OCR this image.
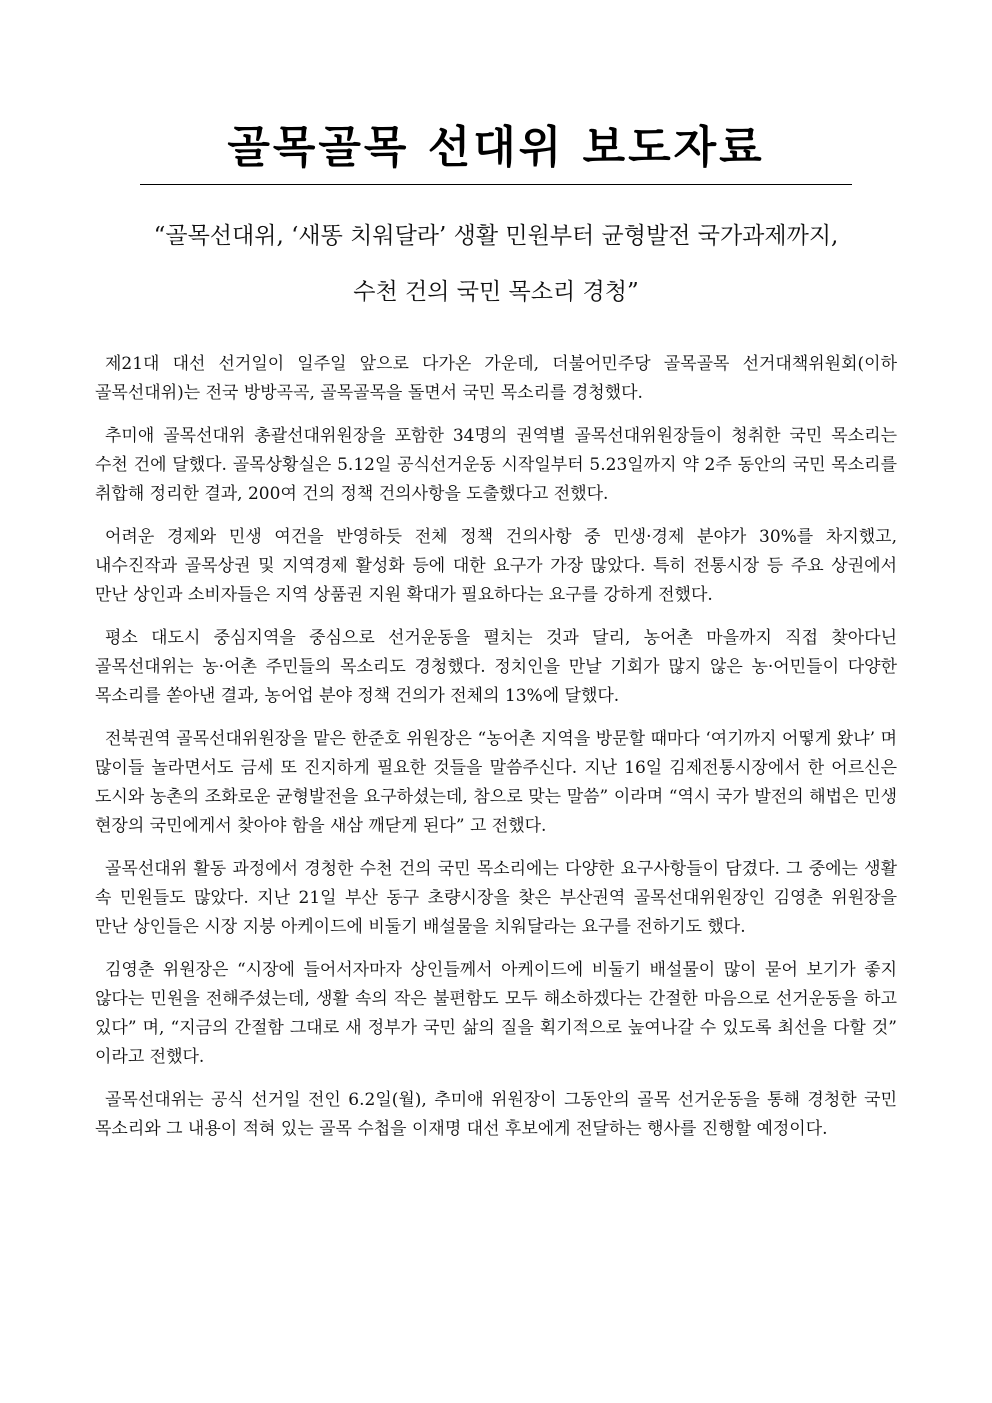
골목골목 선대위 보도자료
“골목선대위, ‘새똥 치워달라’ 생활 민원부터 균형발전 국가과제까지,
수천 건의 국민 목소리 경청”

제21대 대선 선거일이 일주일 앞으로 다가온 가운데, 더불어민주당 골목골목 선거대책위원회(이하 골목선대위)는 전국 방방곡곡, 골목골목을 돌면서 국민 목소리를 경청했다.

추미애 골목선대위 총괄선대위원장을 포함한 34명의 권역별 골목선대위원장들이 청취한 국민 목소리는 수천 건에 달했다. 골목상황실은 5.12일 공식선거운동 시작일부터 5.23일까지 약 2주 동안의 국민 목소리를 취합해 정리한 결과, 200여 건의 정책 건의사항을 도출했다고 전했다.

어려운 경제와 민생 여건을 반영하듯 전체 정책 건의사항 중 민생·경제 분야가 30%를 차지했고, 내수진작과 골목상권 및 지역경제 활성화 등에 대한 요구가 가장 많았다. 특히 전통시장 등 주요 상권에서 만난 상인과 소비자들은 지역 상품권 지원 확대가 필요하다는 요구를 강하게 전했다.

평소 대도시 중심지역을 중심으로 선거운동을 펼치는 것과 달리, 농어촌 마을까지 직접 찾아다닌 골목선대위는 농·어촌 주민들의 목소리도 경청했다. 정치인을 만날 기회가 많지 않은 농·어민들이 다양한 목소리를 쏟아낸 결과, 농어업 분야 정책 건의가 전체의 13%에 달했다.

전북권역 골목선대위원장을 맡은 한준호 위원장은 “농어촌 지역을 방문할 때마다 ‘여기까지 어떻게 왔냐’ 며 많이들 놀라면서도 금세 또 진지하게 필요한 것들을 말씀주신다. 지난 16일 김제전통시장에서 한 어르신은 도시와 농촌의 조화로운 균형발전을 요구하셨는데, 참으로 맞는 말씀” 이라며 “역시 국가 발전의 해법은 민생 현장의 국민에게서 찾아야 함을 새삼 깨닫게 된다” 고 전했다.

골목선대위 활동 과정에서 경청한 수천 건의 국민 목소리에는 다양한 요구사항들이 담겼다. 그 중에는 생활 속 민원들도 많았다. 지난 21일 부산 동구 초량시장을 찾은 부산권역 골목선대위원장인 김영춘 위원장을 만난 상인들은 시장 지붕 아케이드에 비둘기 배설물을 치워달라는 요구를 전하기도 했다.

김영춘 위원장은 “시장에 들어서자마자 상인들께서 아케이드에 비둘기 배설물이 많이 묻어 보기가 좋지 않다는 민원을 전해주셨는데, 생활 속의 작은 불편함도 모두 해소하겠다는 간절한 마음으로 선거운동을 하고 있다” 며, “지금의 간절함 그대로 새 정부가 국민 삶의 질을 획기적으로 높여나갈 수 있도록 최선을 다할 것” 이라고 전했다.

골목선대위는 공식 선거일 전인 6.2일(월), 추미애 위원장이 그동안의 골목 선거운동을 통해 경청한 국민 목소리와 그 내용이 적혀 있는 골목 수첩을 이재명 대선 후보에게 전달하는 행사를 진행할 예정이다.
